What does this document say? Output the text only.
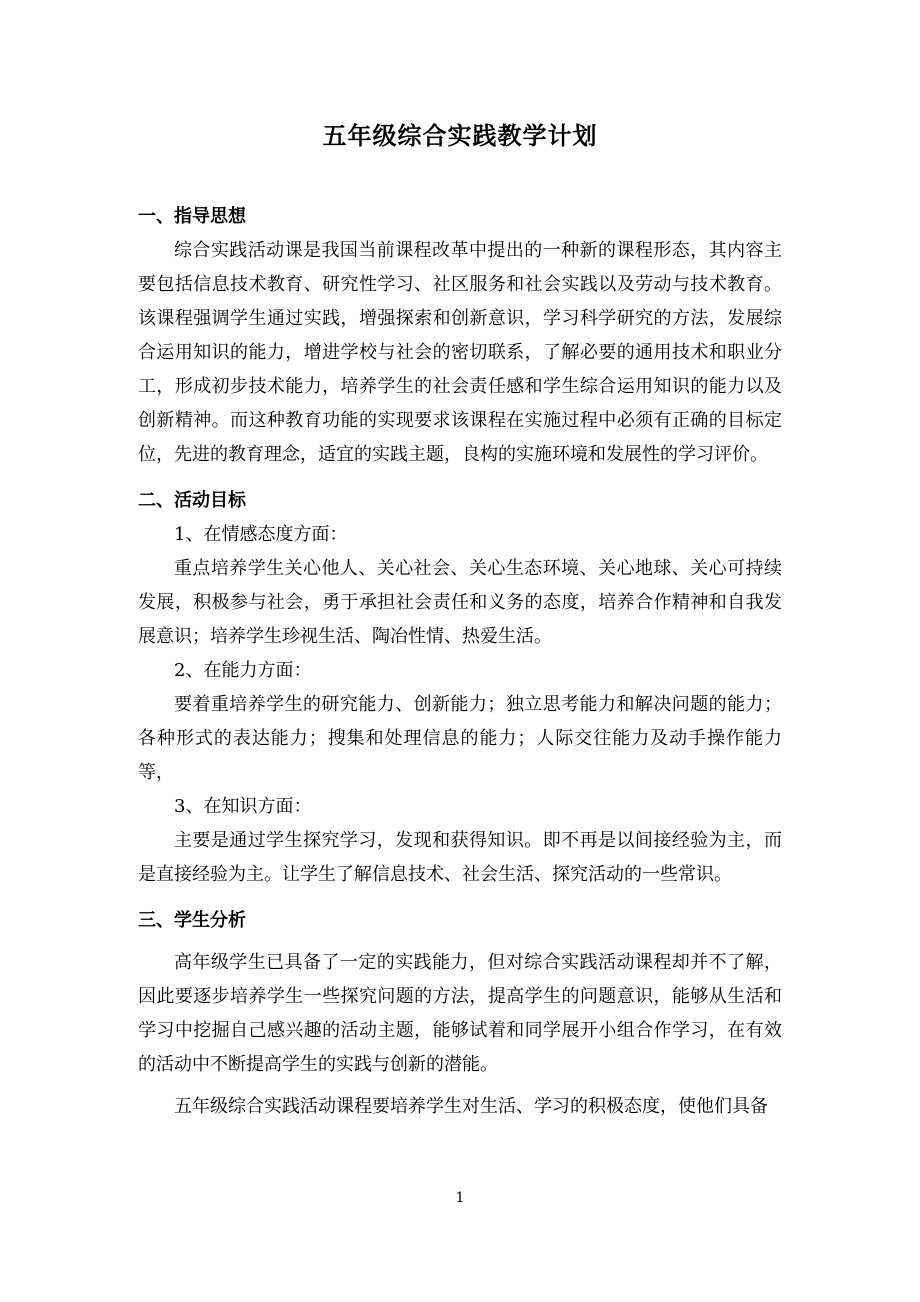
五年级综合实践教学计划

一、指导思想

综合实践活动课是我国当前课程改革中提出的一种新的课程形态，其内容主要包括信息技术教育、研究性学习、社区服务和社会实践以及劳动与技术教育。该课程强调学生通过实践，增强探索和创新意识，学习科学研究的方法，发展综合运用知识的能力，增进学校与社会的密切联系，了解必要的通用技术和职业分工，形成初步技术能力，培养学生的社会责任感和学生综合运用知识的能力以及创新精神。而这种教育功能的实现要求该课程在实施过程中必须有正确的目标定位，先进的教育理念，适宜的实践主题，良构的实施环境和发展性的学习评价。

二、活动目标

1、在情感态度方面：

重点培养学生关心他人、关心社会、关心生态环境、关心地球、关心可持续发展，积极参与社会，勇于承担社会责任和义务的态度，培养合作精神和自我发展意识；培养学生珍视生活、陶冶性情、热爱生活。

2、在能力方面：

要着重培养学生的研究能力、创新能力；独立思考能力和解决问题的能力；各种形式的表达能力；搜集和处理信息的能力；人际交往能力及动手操作能力等，

3、在知识方面：

主要是通过学生探究学习，发现和获得知识。即不再是以间接经验为主，而是直接经验为主。让学生了解信息技术、社会生活、探究活动的一些常识。

三、学生分析

高年级学生已具备了一定的实践能力，但对综合实践活动课程却并不了解，因此要逐步培养学生一些探究问题的方法，提高学生的问题意识，能够从生活和学习中挖掘自己感兴趣的活动主题，能够试着和同学展开小组合作学习，在有效的活动中不断提高学生的实践与创新的潜能。

五年级综合实践活动课程要培养学生对生活、学习的积极态度，使他们具备

1
